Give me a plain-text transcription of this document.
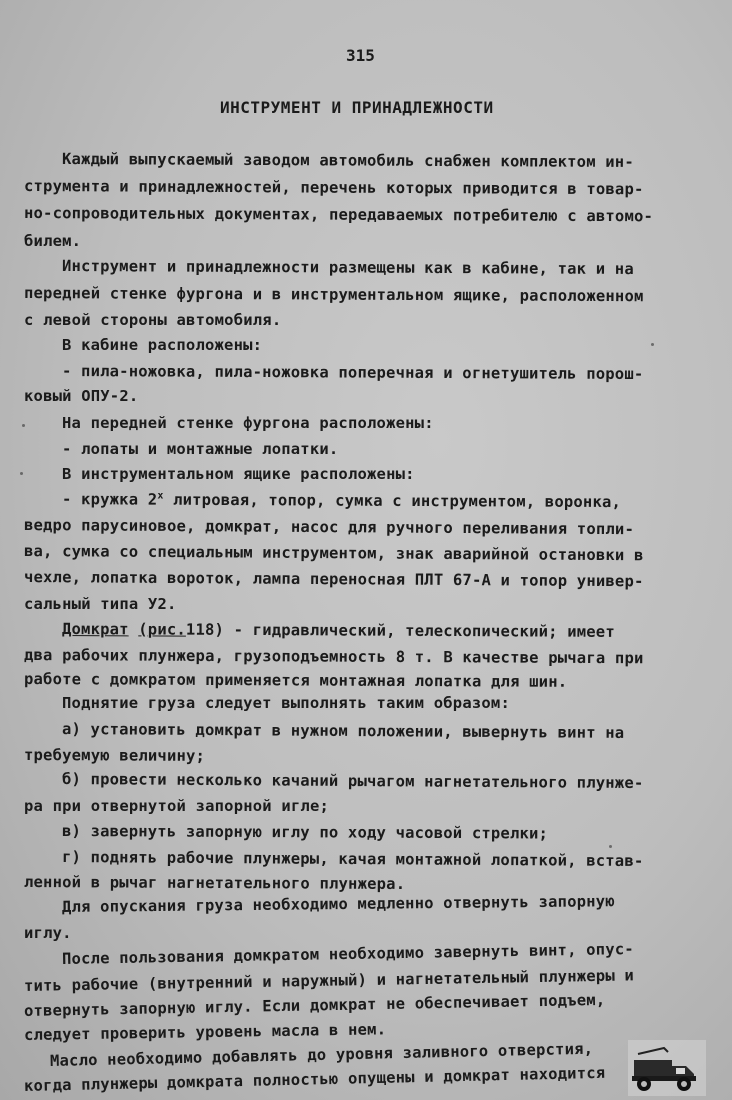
315
ИНСТРУМЕНТ И ПРИНАДЛЕЖНОСТИ
Каждый выпускаемый заводом автомобиль снабжен комплектом ин-
струмента и принадлежностей, перечень которых приводится в товар-
но-сопроводительных документах, передаваемых потребителю с автомо-
билем.
Инструмент и принадлежности размещены как в кабине, так и на
передней стенке фургона и в инструментальном ящике, расположенном
с левой стороны автомобиля.
В кабине расположены:
- пила-ножовка, пила-ножовка поперечная и огнетушитель порош-
ковый ОПУ-2.
На передней стенке фургона расположены:
- лопаты и монтажные лопатки.
В инструментальном ящике расположены:
- кружка $2^х$ литровая, топор, сумка с инструментом, воронка,
ведро парусиновое, домкрат, насос для ручного переливания топли-
ва, сумка со специальным инструментом, знак аварийной остановки в
чехле, лопатка вороток, лампа переносная ПЛТ 67-А и топор универ-
сальный типа У2.
Домкрат (рис.118) - гидравлический, телескопический; имеет
два рабочих плунжера, грузоподъемность 8 т. В качестве рычага при
работе с домкратом применяется монтажная лопатка для шин.
Поднятие груза следует выполнять таким образом:
а) установить домкрат в нужном положении, вывернуть винт на
требуемую величину;
б) провести несколько качаний рычагом нагнетательного плунже-
ра при отвернутой запорной игле;
в) завернуть запорную иглу по ходу часовой стрелки;
г) поднять рабочие плунжеры, качая монтажной лопаткой, встав-
ленной в рычаг нагнетательного плунжера.
Для опускания груза необходимо медленно отвернуть запорную
иглу.
После пользования домкратом необходимо завернуть винт, опус-
тить рабочие (внутренний и наружный) и нагнетательный плунжеры и
отвернуть запорную иглу. Если домкрат не обеспечивает подъем,
следует проверить уровень масла в нем.
Масло необходимо добавлять до уровня заливного отверстия,
когда плунжеры домкрата полностью опущены и домкрат находится
